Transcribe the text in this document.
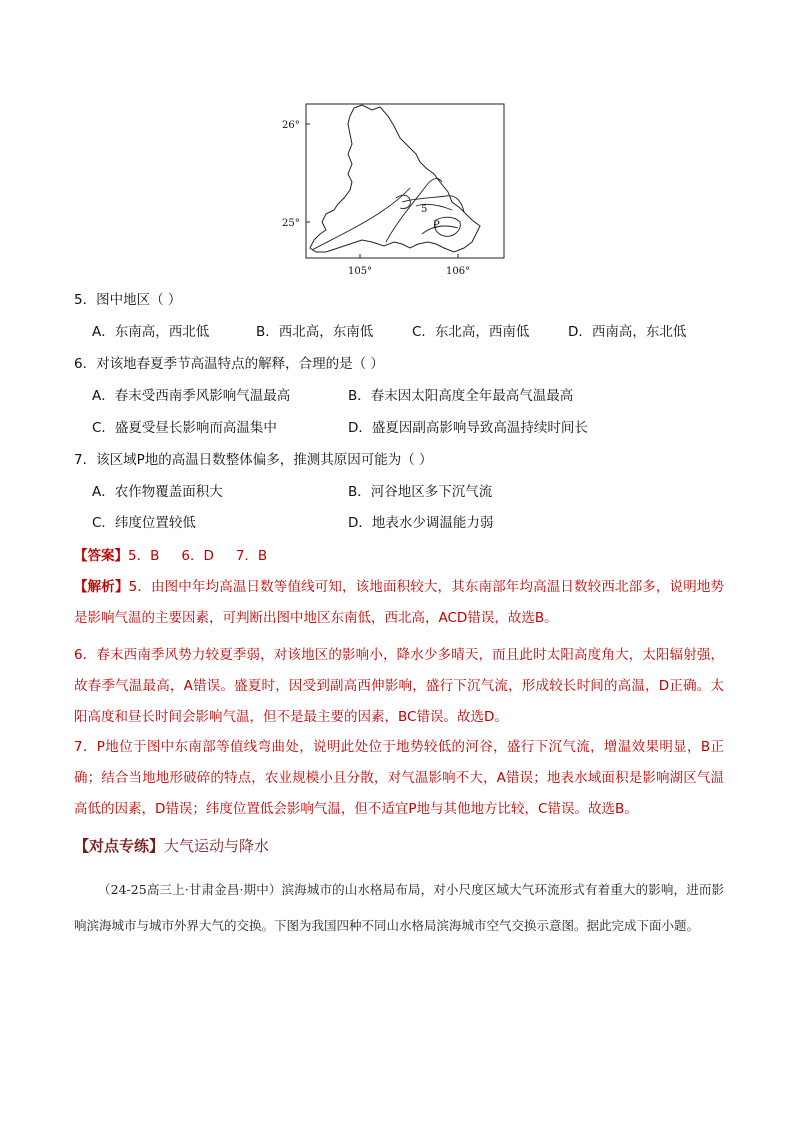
26°
25°
105°	106°
5
P
5．图中地区（ ）
A．东南高，西北低	B．西北高，东南低	C．东北高，西南低	D．西南高，东北低
6．对该地春夏季节高温特点的解释，合理的是（ ）
A．春末受西南季风影响气温最高	B．春末因太阳高度全年最高气温最高
C．盛夏受昼长影响而高温集中	D．盛夏因副高影响导致高温持续时间长
7．该区域P地的高温日数整体偏多，推测其原因可能为（ ）
A．农作物覆盖面积大	B．河谷地区多下沉气流
C．纬度位置较低	D．地表水少调温能力弱
【答案】5．B 6．D 7．B
【解析】5．由图中年均高温日数等值线可知，该地面积较大，其东南部年均高温日数较西北部多，说明地势是影响气温的主要因素，可判断出图中地区东南低，西北高，ACD错误，故选B。
6．春末西南季风势力较夏季弱，对该地区的影响小，降水少多晴天，而且此时太阳高度角大，太阳辐射强，故春季气温最高，A错误。盛夏时，因受到副高西伸影响，盛行下沉气流，形成较长时间的高温，D正确。太阳高度和昼长时间会影响气温，但不是最主要的因素，BC错误。故选D。
7．P地位于图中东南部等值线弯曲处，说明此处位于地势较低的河谷，盛行下沉气流，增温效果明显，B正确；结合当地地形破碎的特点，农业规模小且分散，对气温影响不大，A错误；地表水域面积是影响湖区气温高低的因素，D错误；纬度位置低会影响气温，但不适宜P地与其他地方比较，C错误。故选B。
【对点专练】大气运动与降水
（24-25高三上·甘肃金昌·期中）滨海城市的山水格局布局，对小尺度区域大气环流形式有着重大的影响，进而影响滨海城市与城市外界大气的交换。下图为我国四种不同山水格局滨海城市空气交换示意图。据此完成下面小题。
